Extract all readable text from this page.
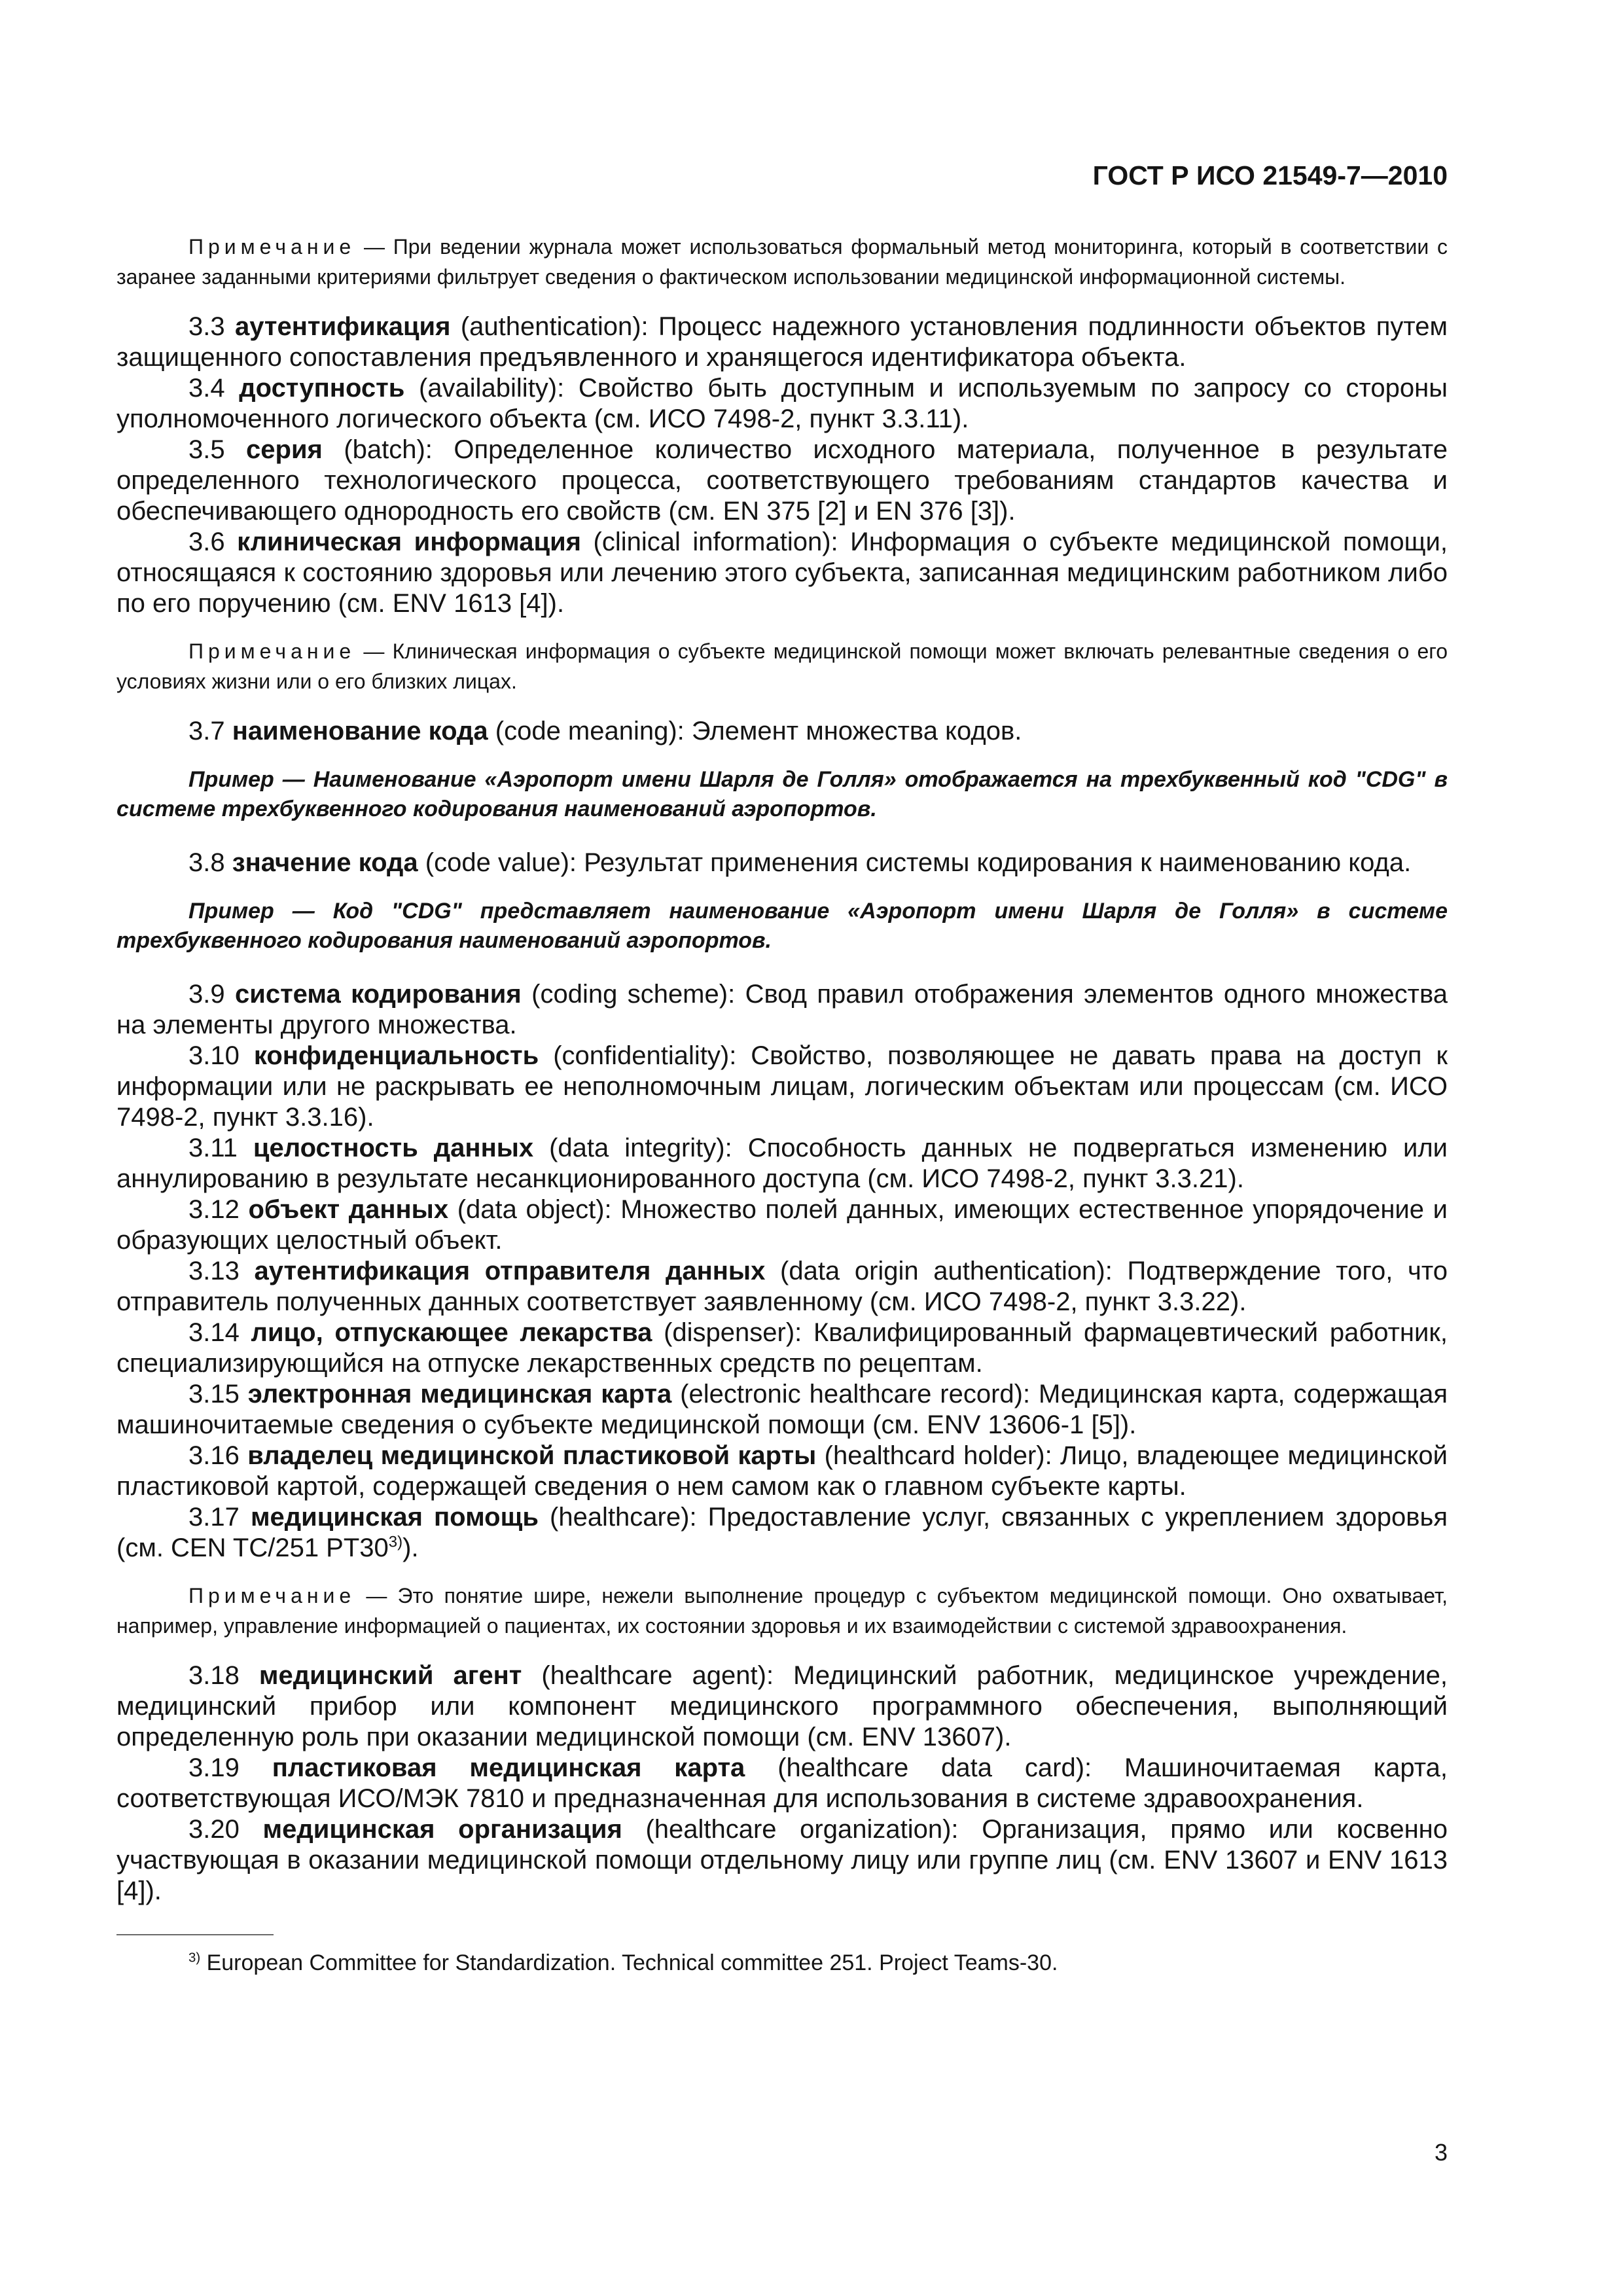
ГОСТ Р ИСО 21549-7—2010

Примечание — При ведении журнала может использоваться формальный метод мониторинга, который в соответствии с заранее заданными критериями фильтрует сведения о фактическом использовании медицинской информационной системы.

3.3 аутентификация (authentication): Процесс надежного установления подлинности объектов путем защищенного сопоставления предъявленного и хранящегося идентификатора объекта.

3.4 доступность (availability): Свойство быть доступным и используемым по запросу со стороны уполномоченного логического объекта (см. ИСО 7498-2, пункт 3.3.11).

3.5 серия (batch): Определенное количество исходного материала, полученное в результате определенного технологического процесса, соответствующего требованиям стандартов качества и обеспечивающего однородность его свойств (см. EN 375 [2] и EN 376 [3]).

3.6 клиническая информация (clinical information): Информация о субъекте медицинской помощи, относящаяся к состоянию здоровья или лечению этого субъекта, записанная медицинским работником либо по его поручению (см. ENV 1613 [4]).

Примечание — Клиническая информация о субъекте медицинской помощи может включать релевантные сведения о его условиях жизни или о его близких лицах.

3.7 наименование кода (code meaning): Элемент множества кодов.

Пример — Наименование «Аэропорт имени Шарля де Голля» отображается на трехбуквенный код "CDG" в системе трехбуквенного кодирования наименований аэропортов.

3.8 значение кода (code value): Результат применения системы кодирования к наименованию кода.

Пример — Код "CDG" представляет наименование «Аэропорт имени Шарля де Голля» в системе трехбуквенного кодирования наименований аэропортов.

3.9 система кодирования (coding scheme): Свод правил отображения элементов одного множества на элементы другого множества.

3.10 конфиденциальность (confidentiality): Свойство, позволяющее не давать права на доступ к информации или не раскрывать ее неполномочным лицам, логическим объектам или процессам (см. ИСО 7498-2, пункт 3.3.16).

3.11 целостность данных (data integrity): Способность данных не подвергаться изменению или аннулированию в результате несанкционированного доступа (см. ИСО 7498-2, пункт 3.3.21).

3.12 объект данных (data object): Множество полей данных, имеющих естественное упорядочение и образующих целостный объект.

3.13 аутентификация отправителя данных (data origin authentication): Подтверждение того, что отправитель полученных данных соответствует заявленному (см. ИСО 7498-2, пункт 3.3.22).

3.14 лицо, отпускающее лекарства (dispenser): Квалифицированный фармацевтический работник, специализирующийся на отпуске лекарственных средств по рецептам.

3.15 электронная медицинская карта (electronic healthcare record): Медицинская карта, содержащая машиночитаемые сведения о субъекте медицинской помощи (см. ENV 13606-1 [5]).

3.16 владелец медицинской пластиковой карты (healthcard holder): Лицо, владеющее медицинской пластиковой картой, содержащей сведения о нем самом как о главном субъекте карты.

3.17 медицинская помощь (healthcare): Предоставление услуг, связанных с укреплением здоровья (см. CEN TC/251 PT30$^{3)}$).

Примечание — Это понятие шире, нежели выполнение процедур с субъектом медицинской помощи. Оно охватывает, например, управление информацией о пациентах, их состоянии здоровья и их взаимодействии с системой здравоохранения.

3.18 медицинский агент (healthcare agent): Медицинский работник, медицинское учреждение, медицинский прибор или компонент медицинского программного обеспечения, выполняющий определенную роль при оказании медицинской помощи (см. ENV 13607).

3.19 пластиковая медицинская карта (healthcare data card): Машиночитаемая карта, соответствующая ИСО/МЭК 7810 и предназначенная для использования в системе здравоохранения.

3.20 медицинская организация (healthcare organization): Организация, прямо или косвенно участвующая в оказании медицинской помощи отдельному лицу или группе лиц (см. ENV 13607 и ENV 1613 [4]).

$^{3)}$ European Committee for Standardization. Technical committee 251. Project Teams-30.

3
